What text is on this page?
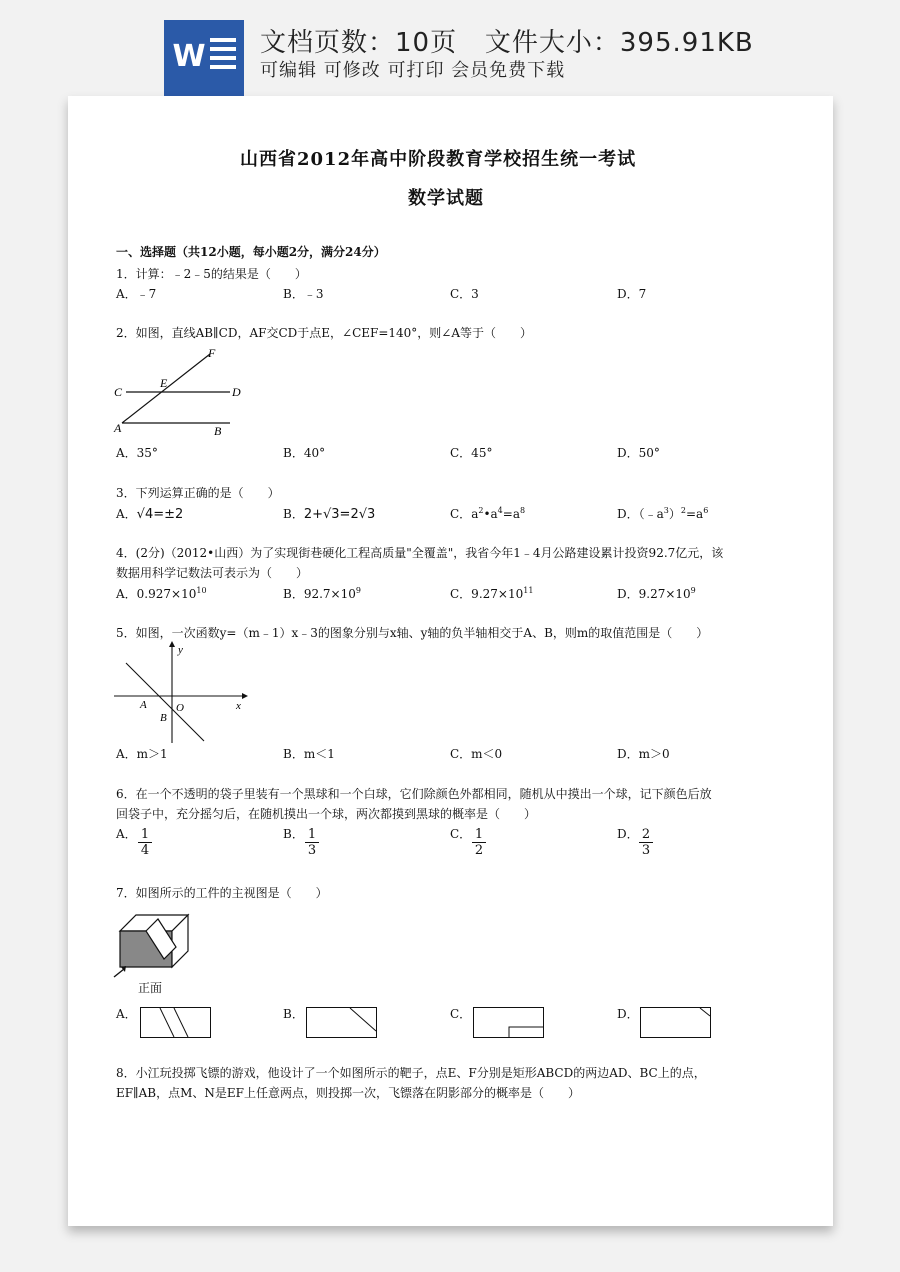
W 文档页数：10页 文件大小：395.91KB
可编辑 可修改 可打印 会员免费下载
山西省2012年高中阶段教育学校招生统一考试
数学试题
一、选择题（共12小题，每小题2分，满分24分）
1．计算：﹣2﹣5的结果是（　　）
A．﹣7	B．﹣3	C．3	D．7
2．如图，直线AB∥CD，AF交CD于点E，∠CEF=140°，则∠A等于（　　）
F
C
E
D
A	B
A．35°	B．40°	C．45°	D．50°
3．下列运算正确的是（　　）
A．√4=±2	B．2+√3=2√3	C．$a^2•a^4=a^8$	D．$(﹣a^3)^2=a^6$
4．(2分)（2012•山西）为了实现街巷硬化工程高质量"全覆盖"，我省今年1﹣4月公路建设累计投资92.7亿元，该
数据用科学记数法可表示为（　　）
A．$0.927\times 10^{10}$	B．$92.7\times 10^9$	C．$9.27\times 10^{11}$	D．$9.27\times 10^9$
5．如图，一次函数y=（m﹣1）x﹣3的图象分别与x轴、y轴的负半轴相交于A、B，则m的取值范围是（　　）
y
x
O
A
B
A．m＞1	B．m＜1	C．m＜0	D．m＞0
6．在一个不透明的袋子里装有一个黑球和一个白球，它们除颜色外都相同，随机从中摸出一个球，记下颜色后放
回袋子中，充分摇匀后，在随机摸出一个球，两次都摸到黑球的概率是（　　）
A． $\frac{1}{4}$	B． $\frac{1}{3}$	C． $\frac{1}{2}$	D． $\frac{2}{3}$
7．如图所示的工件的主视图是（　　）
正面
A．	B．	C．	D．
8．小江玩投掷飞镖的游戏，他设计了一个如图所示的靶子，点E、F分别是矩形ABCD的两边AD、BC上的点，
EF∥AB，点M、N是EF上任意两点，则投掷一次，飞镖落在阴影部分的概率是（　　）
